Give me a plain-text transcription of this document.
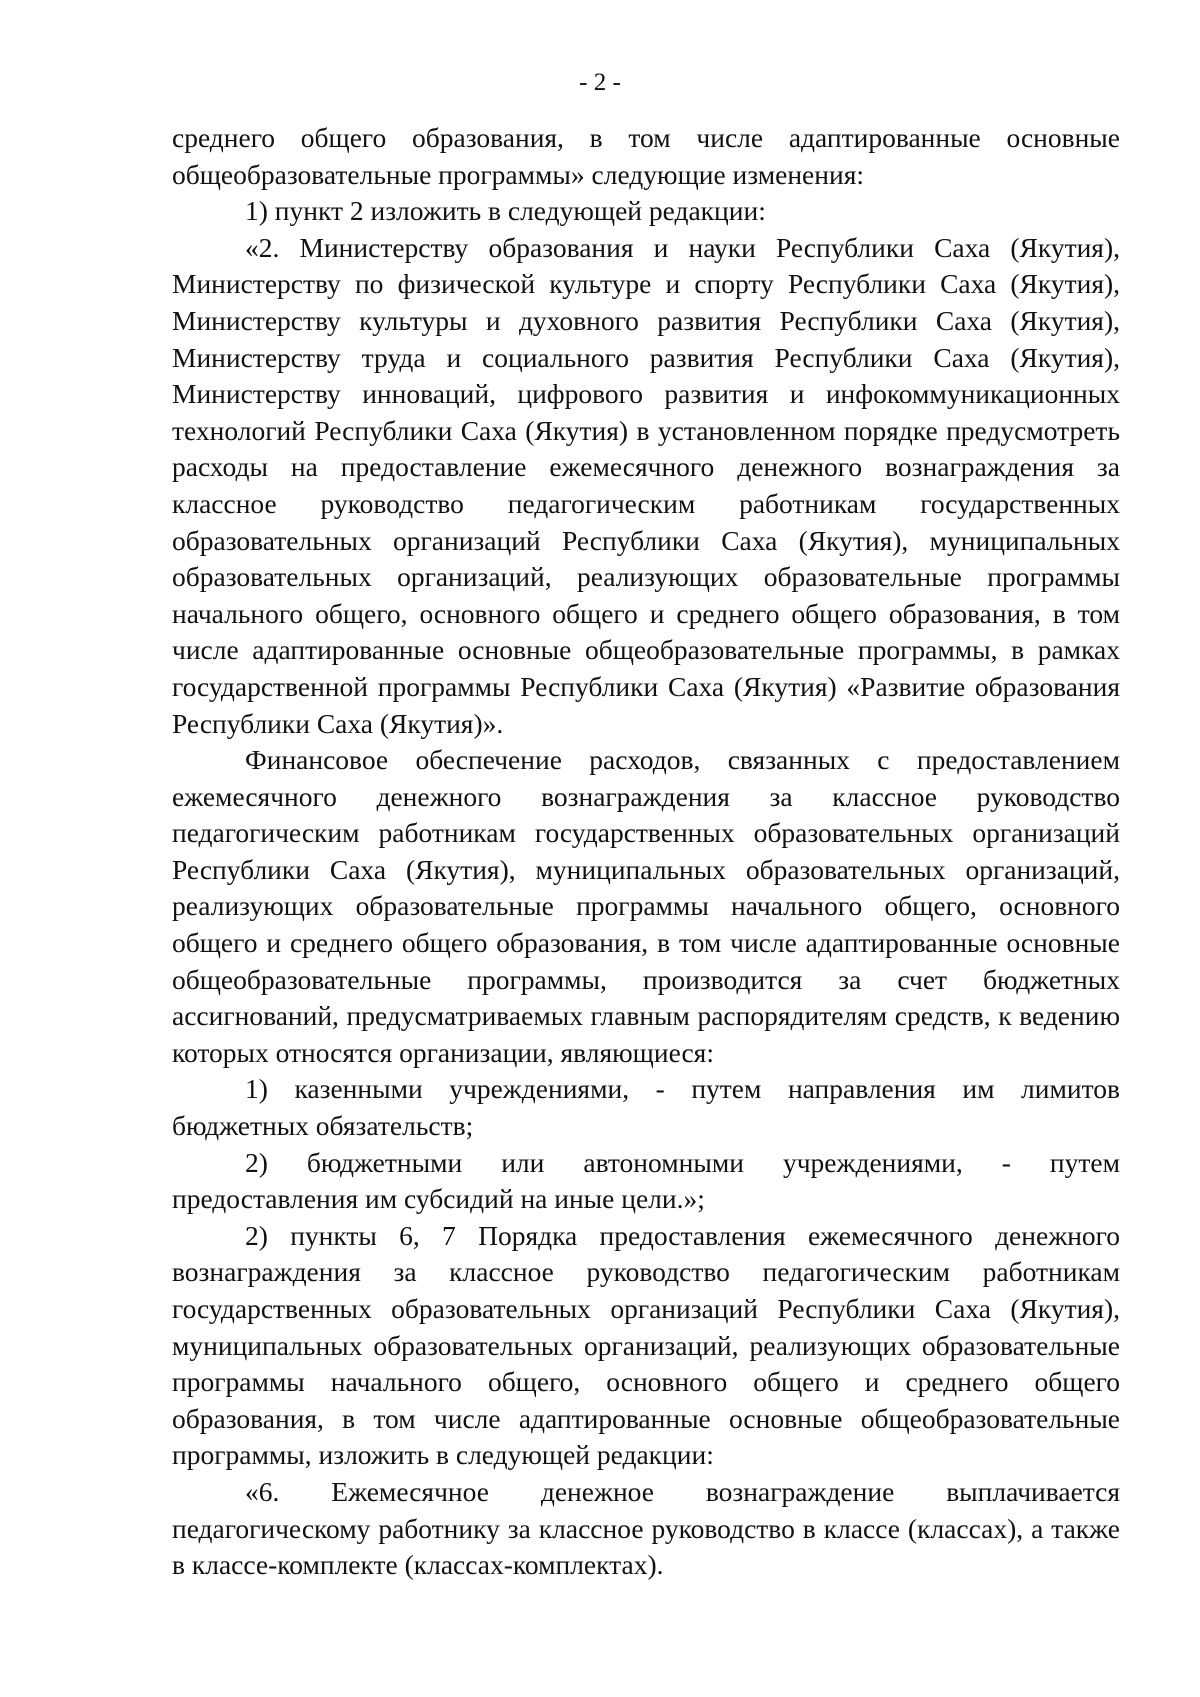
- 2 -

среднего общего образования, в том числе адаптированные основные общеобразовательные программы» следующие изменения:

1) пункт 2 изложить в следующей редакции:

«2. Министерству образования и науки Республики Саха (Якутия), Министерству по физической культуре и спорту Республики Саха (Якутия), Министерству культуры и духовного развития Республики Саха (Якутия), Министерству труда и социального развития Республики Саха (Якутия), Министерству инноваций, цифрового развития и инфокоммуникационных технологий Республики Саха (Якутия) в установленном порядке предусмотреть расходы на предоставление ежемесячного денежного вознаграждения за классное руководство педагогическим работникам государственных образовательных организаций Республики Саха (Якутия), муниципальных образовательных организаций, реализующих образовательные программы начального общего, основного общего и среднего общего образования, в том числе адаптированные основные общеобразовательные программы, в рамках государственной программы Республики Саха (Якутия) «Развитие образования Республики Саха (Якутия)».

Финансовое обеспечение расходов, связанных с предоставлением ежемесячного денежного вознаграждения за классное руководство педагогическим работникам государственных образовательных организаций Республики Саха (Якутия), муниципальных образовательных организаций, реализующих образовательные программы начального общего, основного общего и среднего общего образования, в том числе адаптированные основные общеобразовательные программы, производится за счет бюджетных ассигнований, предусматриваемых главным распорядителям средств, к ведению которых относятся организации, являющиеся:

1) казенными учреждениями, - путем направления им лимитов бюджетных обязательств;

2) бюджетными или автономными учреждениями, - путем предоставления им субсидий на иные цели.»;

2) пункты 6, 7 Порядка предоставления ежемесячного денежного вознаграждения за классное руководство педагогическим работникам государственных образовательных организаций Республики Саха (Якутия), муниципальных образовательных организаций, реализующих образовательные программы начального общего, основного общего и среднего общего образования, в том числе адаптированные основные общеобразовательные программы, изложить в следующей редакции:

«6. Ежемесячное денежное вознаграждение выплачивается педагогическому работнику за классное руководство в классе (классах), а также в классе-комплекте (классах-комплектах).
